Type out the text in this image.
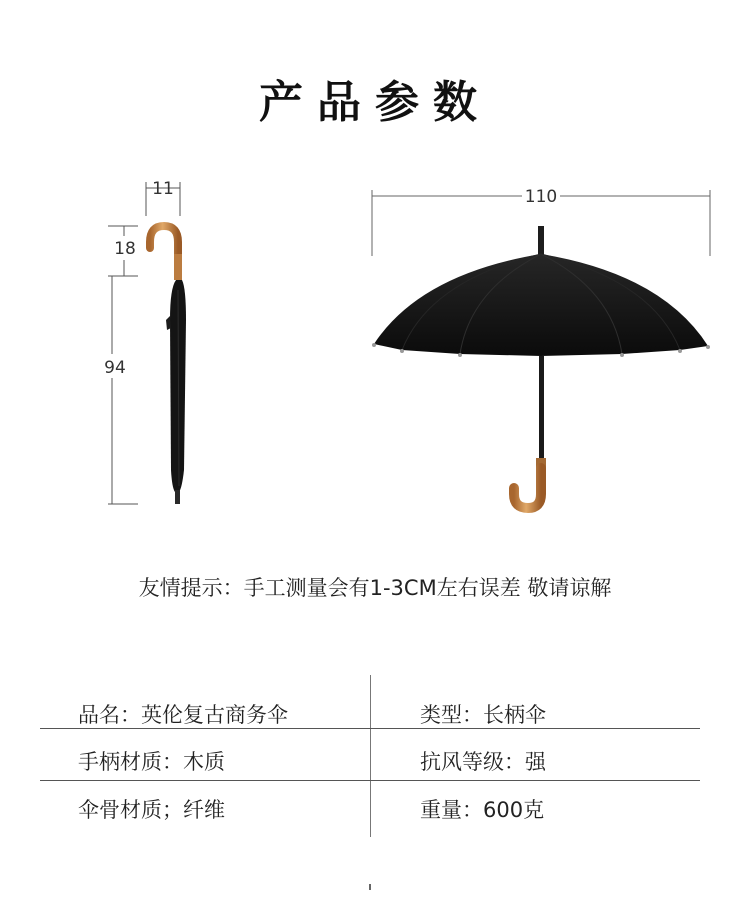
产品参数
11
18
94
110
友情提示：手工测量会有1-3CM左右误差 敬请谅解
品名：英伦复古商务伞	类型：长柄伞
手柄材质：木质	抗风等级：强
伞骨材质；纤维	重量：600克
